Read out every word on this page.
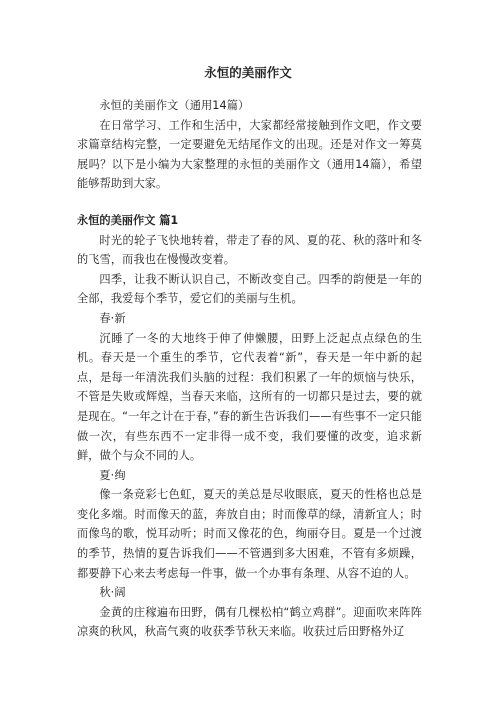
永恒的美丽作文

永恒的美丽作文（通用14篇）

在日常学习、工作和生活中，大家都经常接触到作文吧，作文要求篇章结构完整，一定要避免无结尾作文的出现。还是对作文一筹莫展吗？以下是小编为大家整理的永恒的美丽作文（通用14篇），希望能够帮助到大家。

永恒的美丽作文 篇1

时光的轮子飞快地转着，带走了春的风、夏的花、秋的落叶和冬的飞雪，而我也在慢慢改变着。

四季，让我不断认识自己，不断改变自己。四季的韵便是一年的全部，我爱每个季节，爱它们的美丽与生机。

春·新

沉睡了一冬的大地终于伸了伸懒腰，田野上泛起点点绿色的生机。春天是一个重生的季节，它代表着“新”，春天是一年中新的起点，是每一年清洗我们头脑的过程：我们积累了一年的烦恼与快乐，不管是失败或辉煌，当春天来临，这所有的一切都只是过去，要的就是现在。“一年之计在于春，”春的新生告诉我们——有些事不一定只能做一次，有些东西不一定非得一成不变，我们要懂的改变，追求新鲜，做个与众不同的人。

夏·绚

像一条竞彩七色虹，夏天的美总是尽收眼底，夏天的性格也总是变化多端。时而像天的蓝，奔放自由；时而像草的绿，清新宜人；时而像鸟的歌，悦耳动听；时而又像花的色，绚丽夺目。夏是一个过渡的季节，热情的夏告诉我们——不管遇到多大困难，不管有多烦躁，都要静下心来去考虑每一件事，做一个办事有条理、从容不迫的人。

秋·阔

金黄的庄稼遍布田野，偶有几棵松柏“鹤立鸡群”。迎面吹来阵阵凉爽的秋风，秋高气爽的收获季节秋天来临。收获过后田野格外辽
